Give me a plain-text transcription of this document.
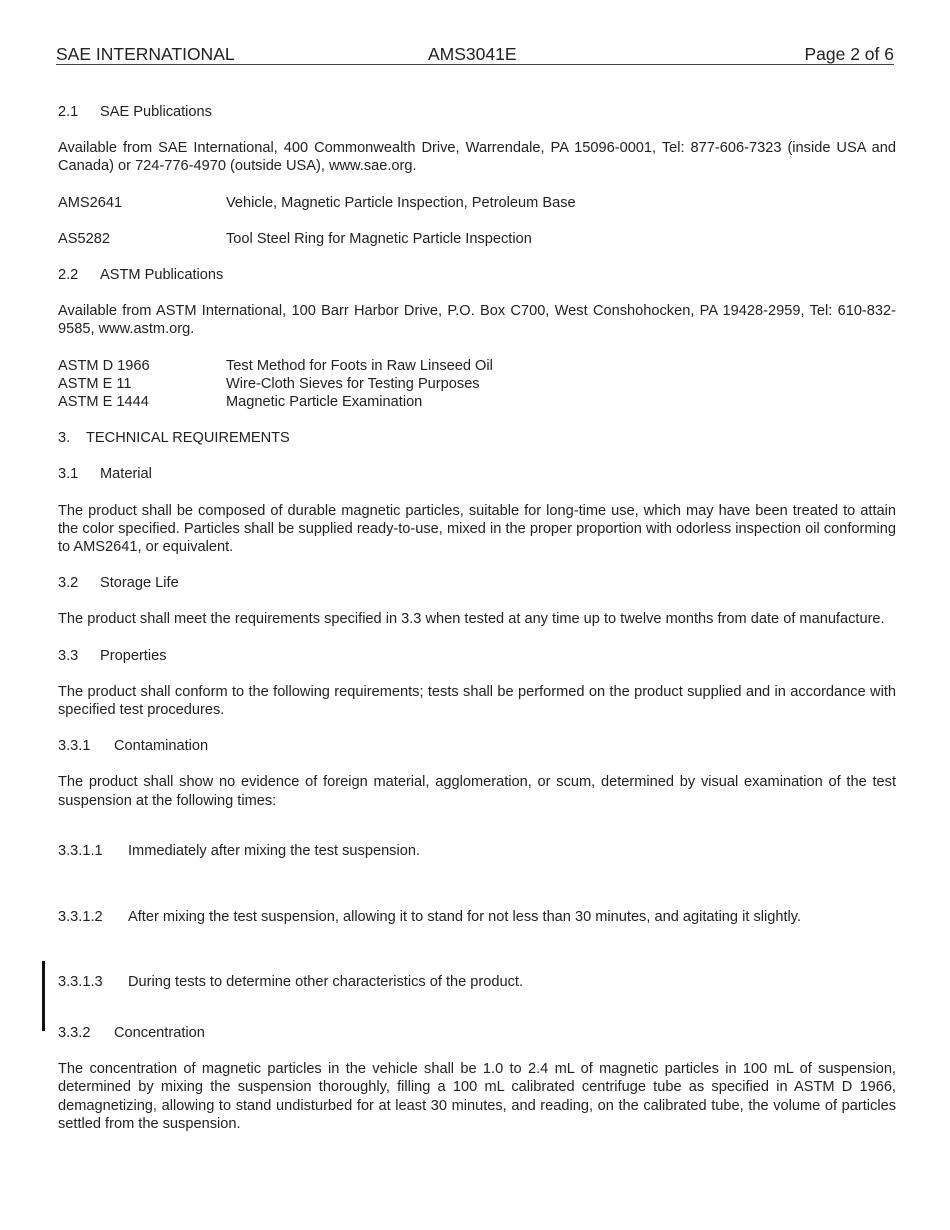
SAE INTERNATIONAL	AMS3041E	Page 2 of 6

2.1 SAE Publications

Available from SAE International, 400 Commonwealth Drive, Warrendale, PA 15096-0001, Tel: 877-606-7323 (inside USA and Canada) or 724-776-4970 (outside USA), www.sae.org.

AMS2641	Vehicle, Magnetic Particle Inspection, Petroleum Base

AS5282	Tool Steel Ring for Magnetic Particle Inspection

2.2 ASTM Publications

Available from ASTM International, 100 Barr Harbor Drive, P.O. Box C700, West Conshohocken, PA 19428-2959, Tel: 610-832-9585, www.astm.org.

ASTM D 1966	Test Method for Foots in Raw Linseed Oil

ASTM E 11	Wire-Cloth Sieves for Testing Purposes

ASTM E 1444	Magnetic Particle Examination

3. TECHNICAL REQUIREMENTS

3.1 Material

The product shall be composed of durable magnetic particles, suitable for long-time use, which may have been treated to attain the color specified. Particles shall be supplied ready-to-use, mixed in the proper proportion with odorless inspection oil conforming to AMS2641, or equivalent.

3.2 Storage Life

The product shall meet the requirements specified in 3.3 when tested at any time up to twelve months from date of manufacture.

3.3 Properties

The product shall conform to the following requirements; tests shall be performed on the product supplied and in accordance with specified test procedures.

3.3.1 Contamination

The product shall show no evidence of foreign material, agglomeration, or scum, determined by visual examination of the test suspension at the following times:

3.3.1.1	Immediately after mixing the test suspension.

3.3.1.2	After mixing the test suspension, allowing it to stand for not less than 30 minutes, and agitating it slightly.

3.3.1.3	During tests to determine other characteristics of the product.

3.3.2 Concentration

The concentration of magnetic particles in the vehicle shall be 1.0 to 2.4 mL of magnetic particles in 100 mL of suspension, determined by mixing the suspension thoroughly, filling a 100 mL calibrated centrifuge tube as specified in ASTM D 1966, demagnetizing, allowing to stand undisturbed for at least 30 minutes, and reading, on the calibrated tube, the volume of particles settled from the suspension.
